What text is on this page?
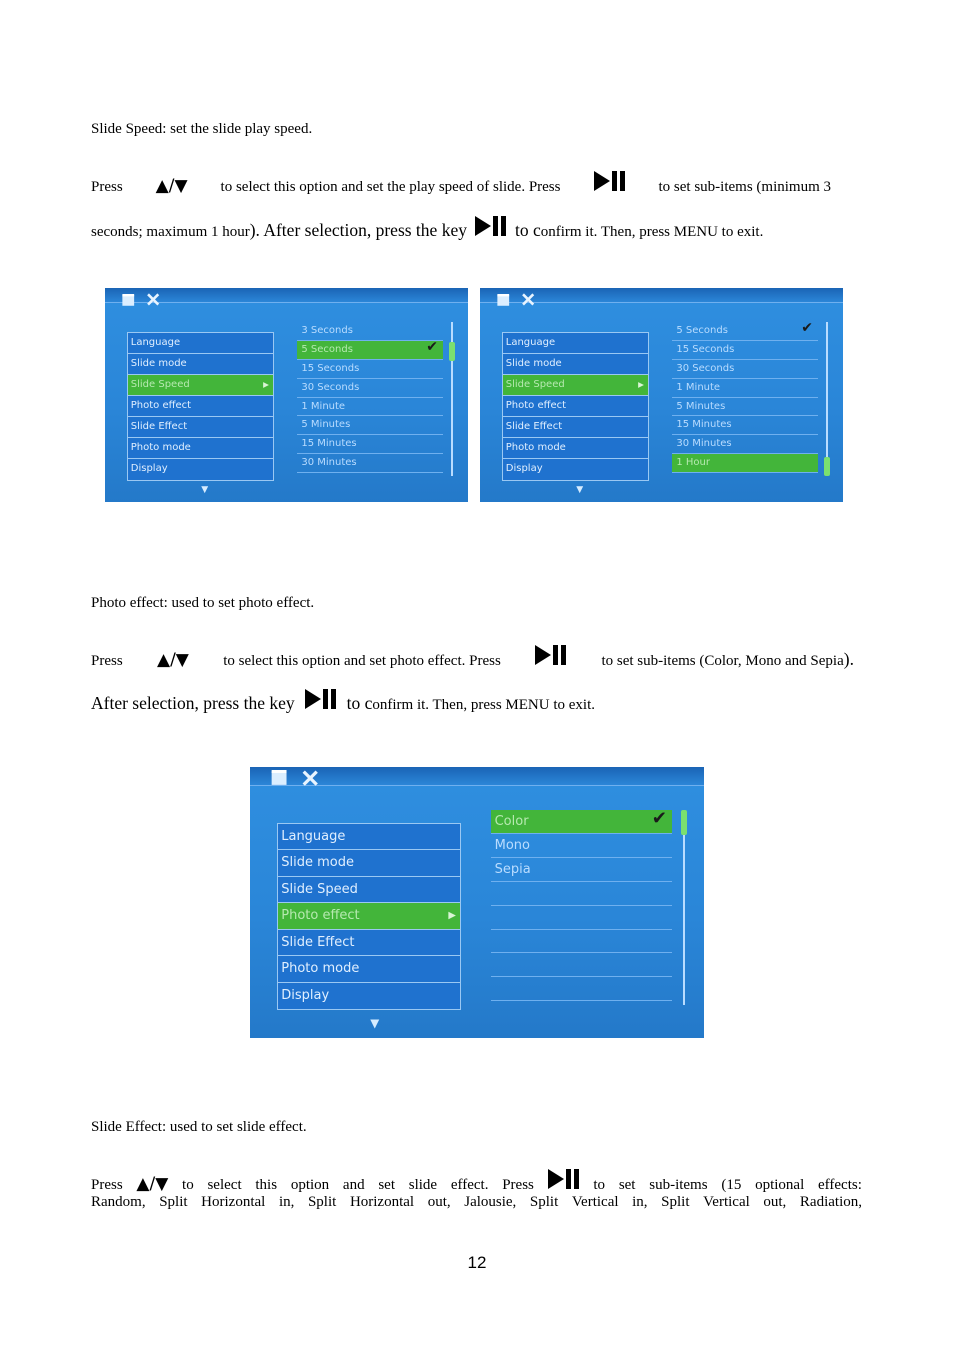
Slide Speed: set the slide play speed.
Press ▲/▼ to select this option and set the play speed of slide. Press	to set sub-items (minimum 3
seconds; maximum 1 hour ). After selection, press the key	to c onfirm it. Then, press MENU to exit.
Language
Slide mode
Slide Speed ▶
Photo effect
Slide Effect
Photo mode
Display
3 Seconds
5 Seconds
15 Seconds
30 Seconds
1 Minute
5 Minutes
15 Minutes
30 Minutes
✔
▼
Language
Slide mode
Slide Speed ▶
Photo effect
Slide Effect
Photo mode
Display
5 Seconds
15 Seconds
30 Seconds
1 Minute
5 Minutes
15 Minutes
30 Minutes
1 Hour
✔
▼
Photo effect: used to set photo effect.
Press ▲/▼ to select this option and set photo effect. Press	to set sub-items (Color, Mono and Sepia).
After selection, press the key	to c onfirm it. Then, press MENU to exit.
Language
Slide mode
Slide Speed
Photo effect ▶
Slide Effect
Photo mode
Display
Color
Mono
Sepia
✔
▼
Slide Effect: used to set slide effect.
Press ▲/▼ to select this option and set slide effect. Press	to set sub-items (15 optional effects:
Random, Split Horizontal in, Split Horizontal out, Jalousie, Split Vertical in, Split Vertical out, Radiation,
12
